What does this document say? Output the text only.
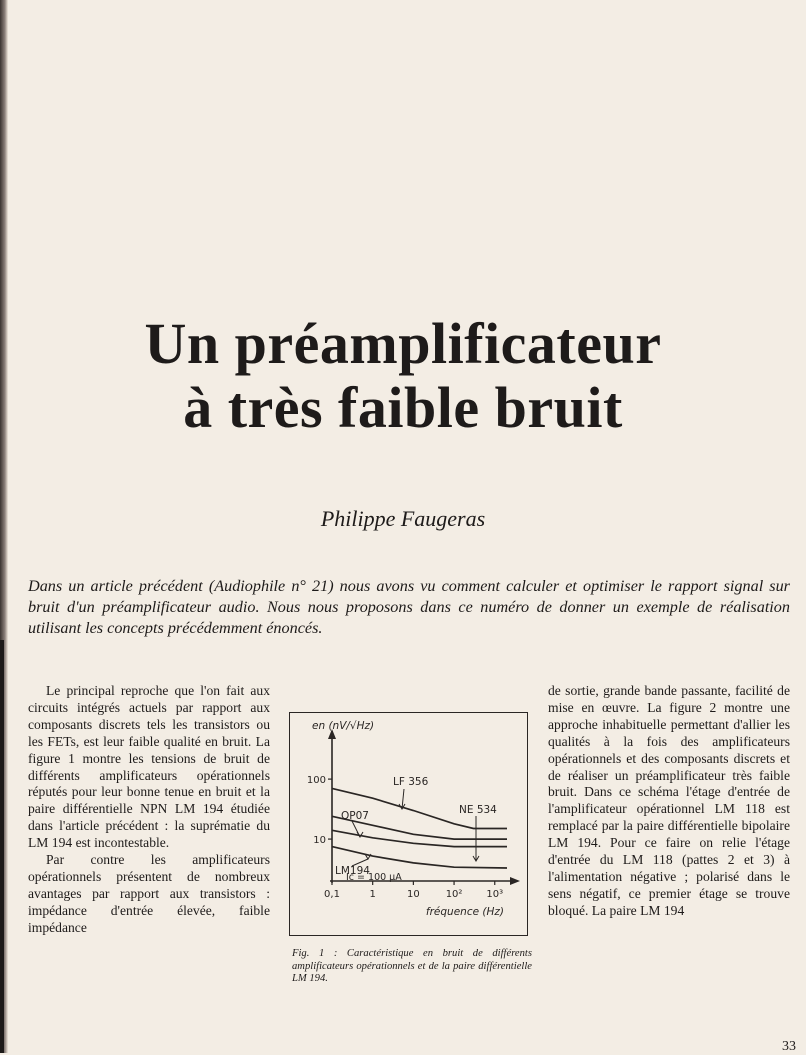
Un préamplificateur
à très faible bruit
Philippe Faugeras
Dans un article précédent (Audiophile n° 21) nous avons vu comment calculer et optimiser le rapport signal sur bruit d'un préamplificateur audio. Nous nous proposons dans ce numéro de donner un exemple de réalisation utilisant les concepts précédemment énoncés.

Le principal reproche que l'on fait aux circuits intégrés actuels par rapport aux composants discrets tels les transistors ou les FETs, est leur faible qualité en bruit. La figure 1 montre les tensions de bruit de différents amplificateurs opérationnels réputés pour leur bonne tenue en bruit et la paire différentielle NPN LM 194 étudiée dans l'article précédent : la suprématie du LM 194 est incontestable.

Par contre les amplificateurs opérationnels présentent de nombreux avantages par rapport aux transistors : impédance d'entrée élevée, faible impédance

100
10
0,1	1	10	10² 10³
en (nV/√Hz)
fréquence (Hz)
LF 356
OP07	NE 534
LM194
Ic = 100 µA
Fig. 1 : Caractéristique en bruit de différents amplificateurs opérationnels et de la paire différentielle LM 194.

de sortie, grande bande passante, facilité de mise en œuvre. La figure 2 montre une approche inhabituelle permettant d'allier les qualités à la fois des amplificateurs opérationnels et des composants discrets et de réaliser un préamplificateur très faible bruit. Dans ce schéma l'étage d'entrée de l'amplificateur opérationnel LM 118 est remplacé par la paire différentielle bipolaire LM 194. Pour ce faire on relie l'étage d'entrée du LM 118 (pattes 2 et 3) à l'alimentation négative ; polarisé dans le sens négatif, ce premier étage se trouve bloqué. La paire LM 194

33
